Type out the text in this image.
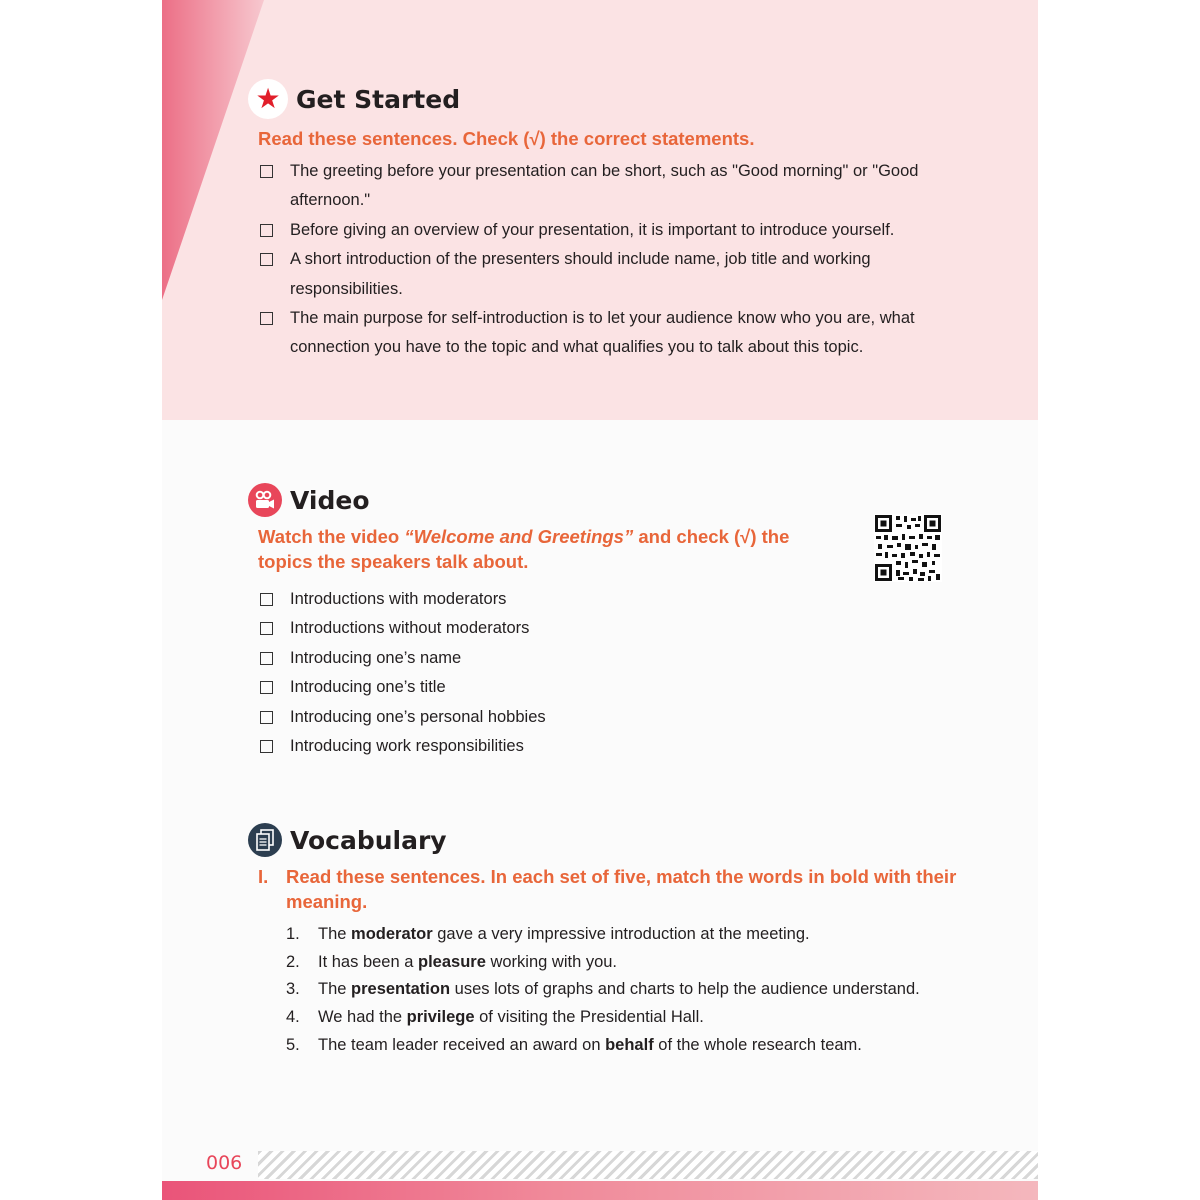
★ Get Started
Read these sentences. Check (√) the correct statements.
The greeting before your presentation can be short, such as "Good morning" or "Good afternoon."
Before giving an overview of your presentation, it is important to introduce yourself.
A short introduction of the presenters should include name, job title and working responsibilities.
The main purpose for self-introduction is to let your audience know who you are, what connection you have to the topic and what qualifies you to talk about this topic.
Video
Watch the video “Welcome and Greetings” and check (√) the topics the speakers talk about.
Introductions with moderators
Introductions without moderators
Introducing one’s name
Introducing one’s title
Introducing one’s personal hobbies
Introducing work responsibilities
Vocabulary
I. Read these sentences. In each set of five, match the words in bold with their meaning.
1. The moderator gave a very impressive introduction at the meeting.
2. It has been a pleasure working with you.
3. The presentation uses lots of graphs and charts to help the audience understand.
4. We had the privilege of visiting the Presidential Hall.
5. The team leader received an award on behalf of the whole research team.
006
